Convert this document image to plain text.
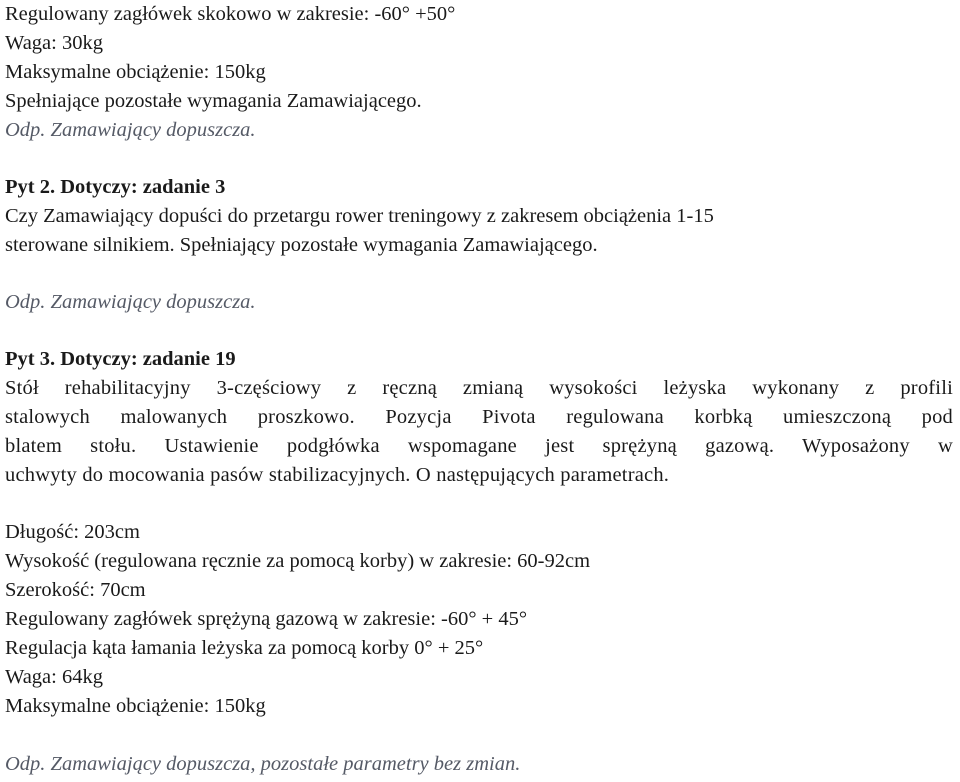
Regulowany zagłówek skokowo w zakresie: -60° +50°
Waga: 30kg
Maksymalne obciążenie: 150kg
Spełniające pozostałe wymagania Zamawiającego.
Odp. Zamawiający dopuszcza.
Pyt 2. Dotyczy: zadanie 3
Czy Zamawiający dopuści do przetargu rower treningowy z zakresem obciążenia 1-15
sterowane silnikiem. Spełniający pozostałe wymagania Zamawiającego.
Odp. Zamawiający dopuszcza.
Pyt 3. Dotyczy: zadanie 19
Stół rehabilitacyjny 3-częściowy z ręczną zmianą wysokości leżyska wykonany z profili
stalowych malowanych proszkowo. Pozycja Pivota regulowana korbką umieszczoną pod
blatem stołu. Ustawienie podgłówka wspomagane jest sprężyną gazową. Wyposażony w
uchwyty do mocowania pasów stabilizacyjnych. O następujących parametrach.
Długość: 203cm
Wysokość (regulowana ręcznie za pomocą korby) w zakresie: 60-92cm
Szerokość: 70cm
Regulowany zagłówek sprężyną gazową w zakresie: -60° + 45°
Regulacja kąta łamania leżyska za pomocą korby 0° + 25°
Waga: 64kg
Maksymalne obciążenie: 150kg
Odp. Zamawiający dopuszcza, pozostałe parametry bez zmian.
